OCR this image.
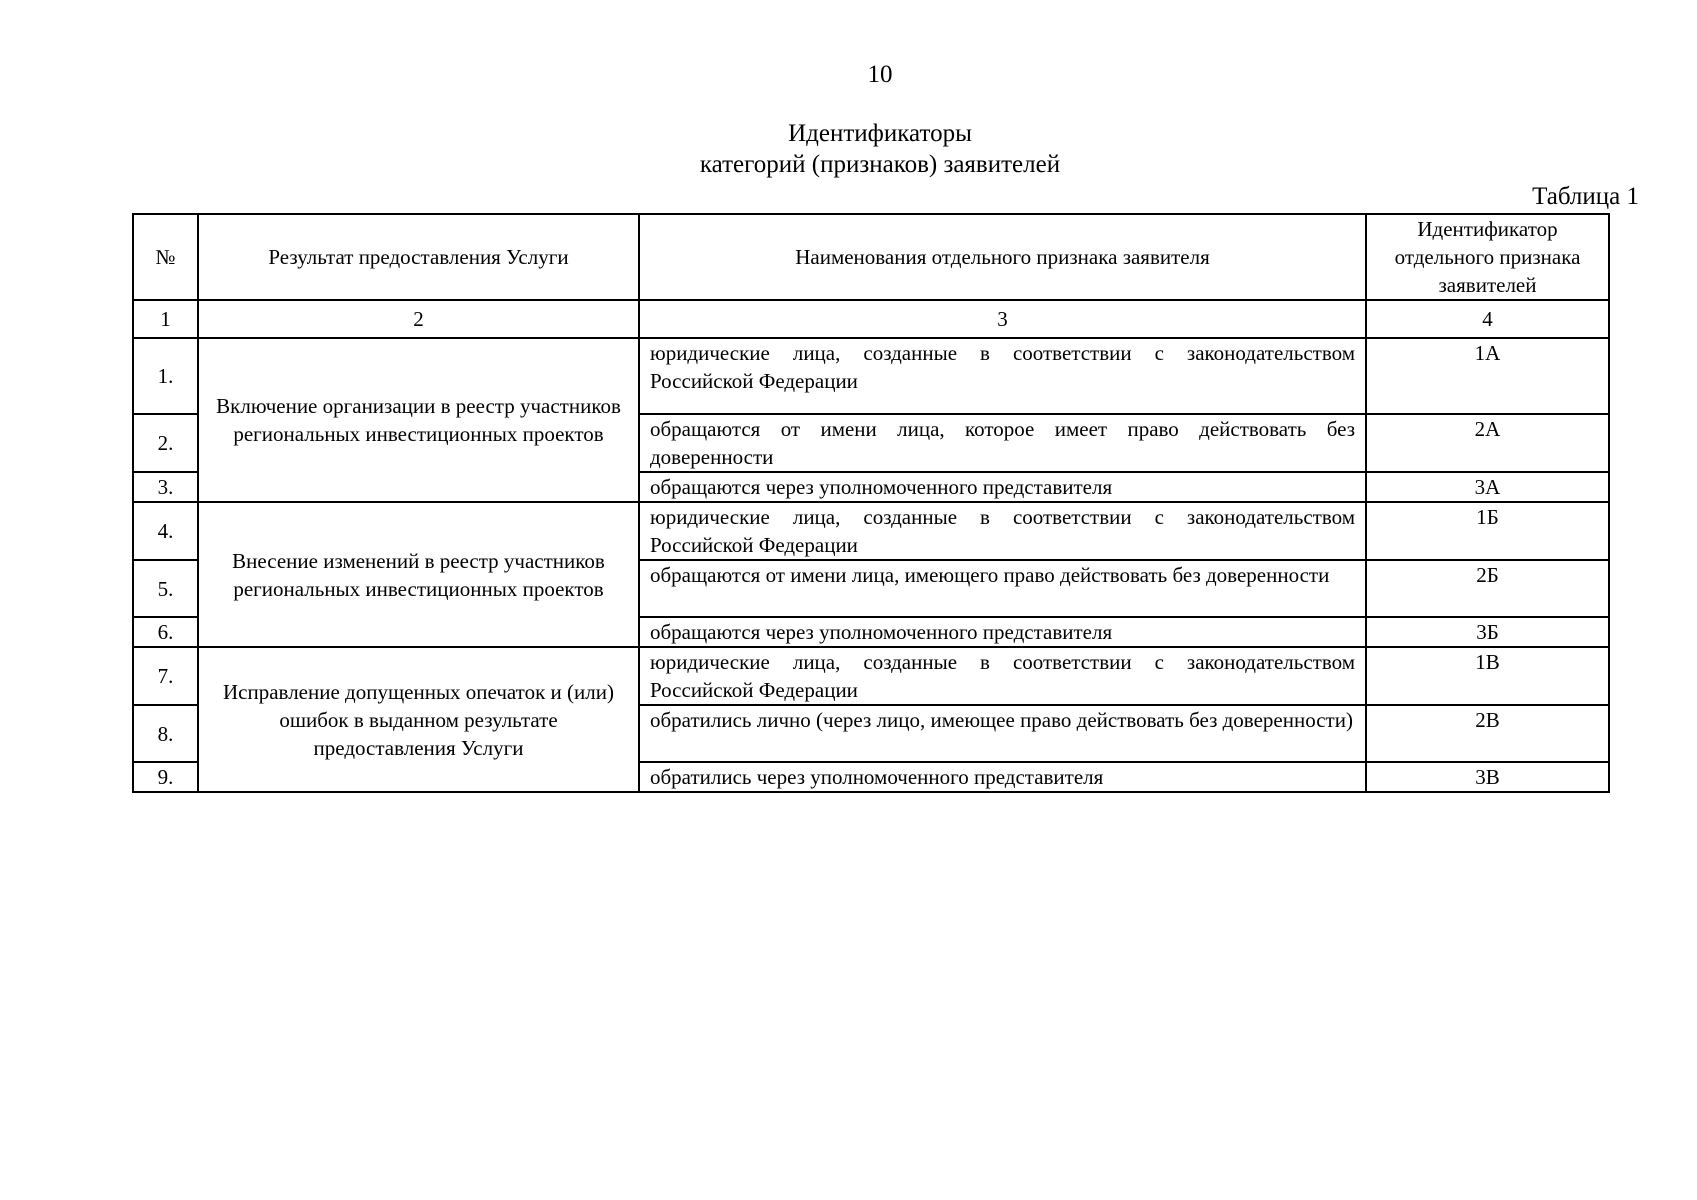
10
Идентификаторы
категорий (признаков) заявителей
Таблица 1
№	Результат предоставления Услуги	Наименования отдельного признака заявителя	Идентификатор отдельного признака заявителей
1	2	3	4
1.	Включение организации в реестр участников региональных инвестиционных проектов	юридические лица, созданные в соответствии с законодательством Российской Федерации	1А
2.		обращаются от имени лица, которое имеет право действовать без доверенности	2А
3.		обращаются через уполномоченного представителя	3А
4.	Внесение изменений в реестр участников региональных инвестиционных проектов	юридические лица, созданные в соответствии с законодательством Российской Федерации	1Б
5.		обращаются от имени лица, имеющего право действовать без доверенности	2Б
6.		обращаются через уполномоченного представителя	3Б
7.	Исправление допущенных опечаток и (или) ошибок в выданном результате предоставления Услуги	юридические лица, созданные в соответствии с законодательством Российской Федерации	1В
8.		обратились лично (через лицо, имеющее право действовать без доверенности)	2В
9.		обратились через уполномоченного представителя	3В
